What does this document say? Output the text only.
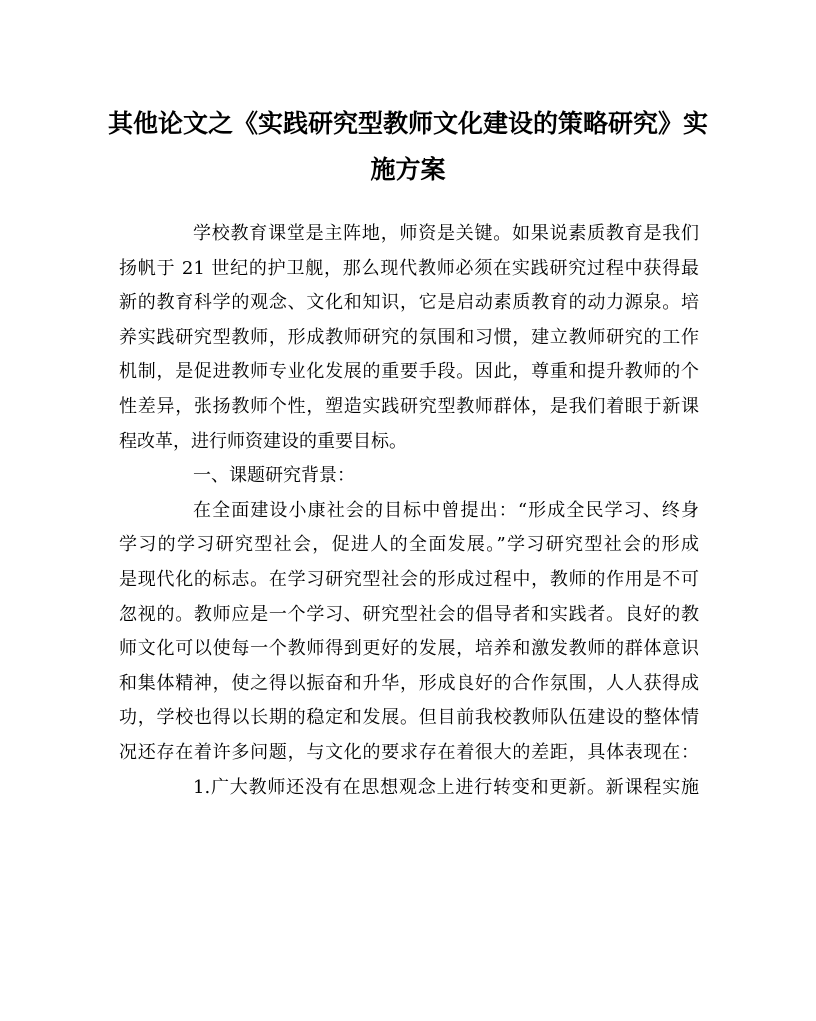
其他论文之《实践研究型教师文化建设的策略研究》实
施方案
学校教育课堂是主阵地，师资是关键。如果说素质教育是我们
扬帆于 21 世纪的护卫舰，那么现代教师必须在实践研究过程中获得最
新的教育科学的观念、文化和知识，它是启动素质教育的动力源泉。培
养实践研究型教师，形成教师研究的氛围和习惯，建立教师研究的工作
机制，是促进教师专业化发展的重要手段。因此，尊重和提升教师的个
性差异，张扬教师个性，塑造实践研究型教师群体，是我们着眼于新课
程改革，进行师资建设的重要目标。
一、课题研究背景：
在全面建设小康社会的目标中曾提出：“形成全民学习、终身
学习的学习研究型社会，促进人的全面发展。”学习研究型社会的形成
是现代化的标志。在学习研究型社会的形成过程中，教师的作用是不可
忽视的。教师应是一个学习、研究型社会的倡导者和实践者。良好的教
师文化可以使每一个教师得到更好的发展，培养和激发教师的群体意识
和集体精神，使之得以振奋和升华，形成良好的合作氛围，人人获得成
功，学校也得以长期的稳定和发展。但目前我校教师队伍建设的整体情
况还存在着许多问题，与文化的要求存在着很大的差距，具体表现在：
1.广大教师还没有在思想观念上进行转变和更新。新课程实施
